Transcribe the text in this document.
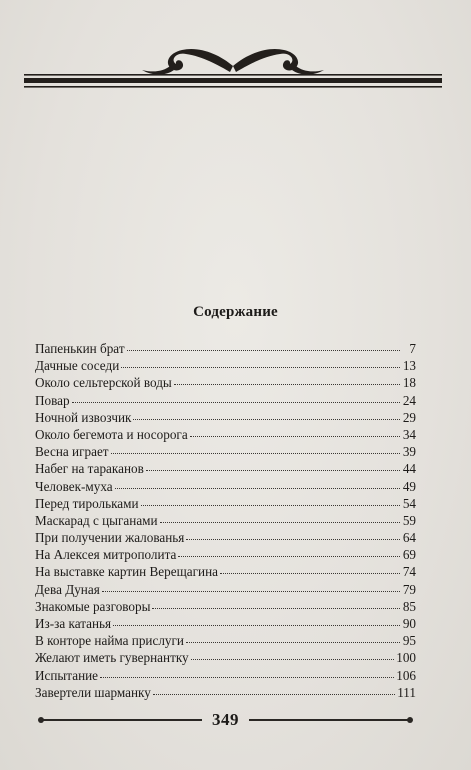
Содержание
Папенькин брат	7
Дачные соседи	13
Около сельтерской воды	18
Повар	24
Ночной извозчик	29
Около бегемота и носорога	34
Весна играет	39
Набег на тараканов	44
Человек-муха	49
Перед тирольками	54
Маскарад с цыганами	59
При получении жалованья	64
На Алексея митрополита	69
На выставке картин Верещагина	74
Дева Дуная	79
Знакомые разговоры	85
Из-за катанья	90
В конторе найма прислуги	95
Желают иметь гувернантку	100
Испытание	106
Завертели шарманку	111
349
